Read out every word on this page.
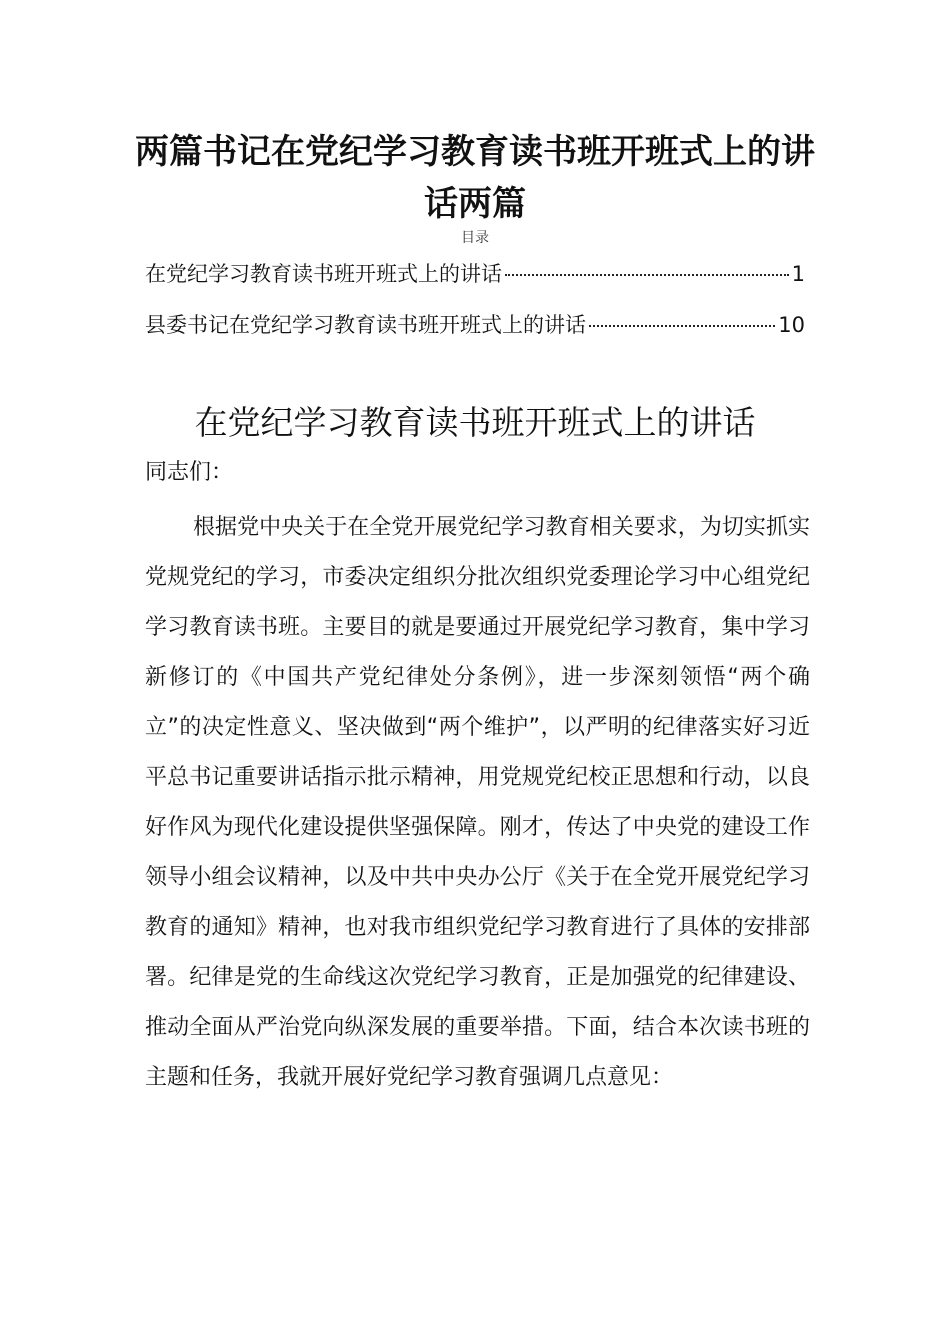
两篇书记在党纪学习教育读书班开班式上的讲话两篇
目录
在党纪学习教育读书班开班式上的讲话	1
县委书记在党纪学习教育读书班开班式上的讲话	10
在党纪学习教育读书班开班式上的讲话
同志们：

根据党中央关于在全党开展党纪学习教育相关要求，为切实抓实党规党纪的学习，市委决定组织分批次组织党委理论学习中心组党纪学习教育读书班。主要目的就是要通过开展党纪学习教育，集中学习新修订的《中国共产党纪律处分条例》，进一步深刻领悟“两个确立”的决定性意义、坚决做到“两个维护”，以严明的纪律落实好习近平总书记重要讲话指示批示精神，用党规党纪校正思想和行动，以良好作风为现代化建设提供坚强保障。刚才，传达了中央党的建设工作领导小组会议精神，以及中共中央办公厅《关于在全党开展党纪学习教育的通知》精神，也对我市组织党纪学习教育进行了具体的安排部署。纪律是党的生命线这次党纪学习教育，正是加强党的纪律建设、推动全面从严治党向纵深发展的重要举措。下面，结合本次读书班的主题和任务，我就开展好党纪学习教育强调几点意见：
